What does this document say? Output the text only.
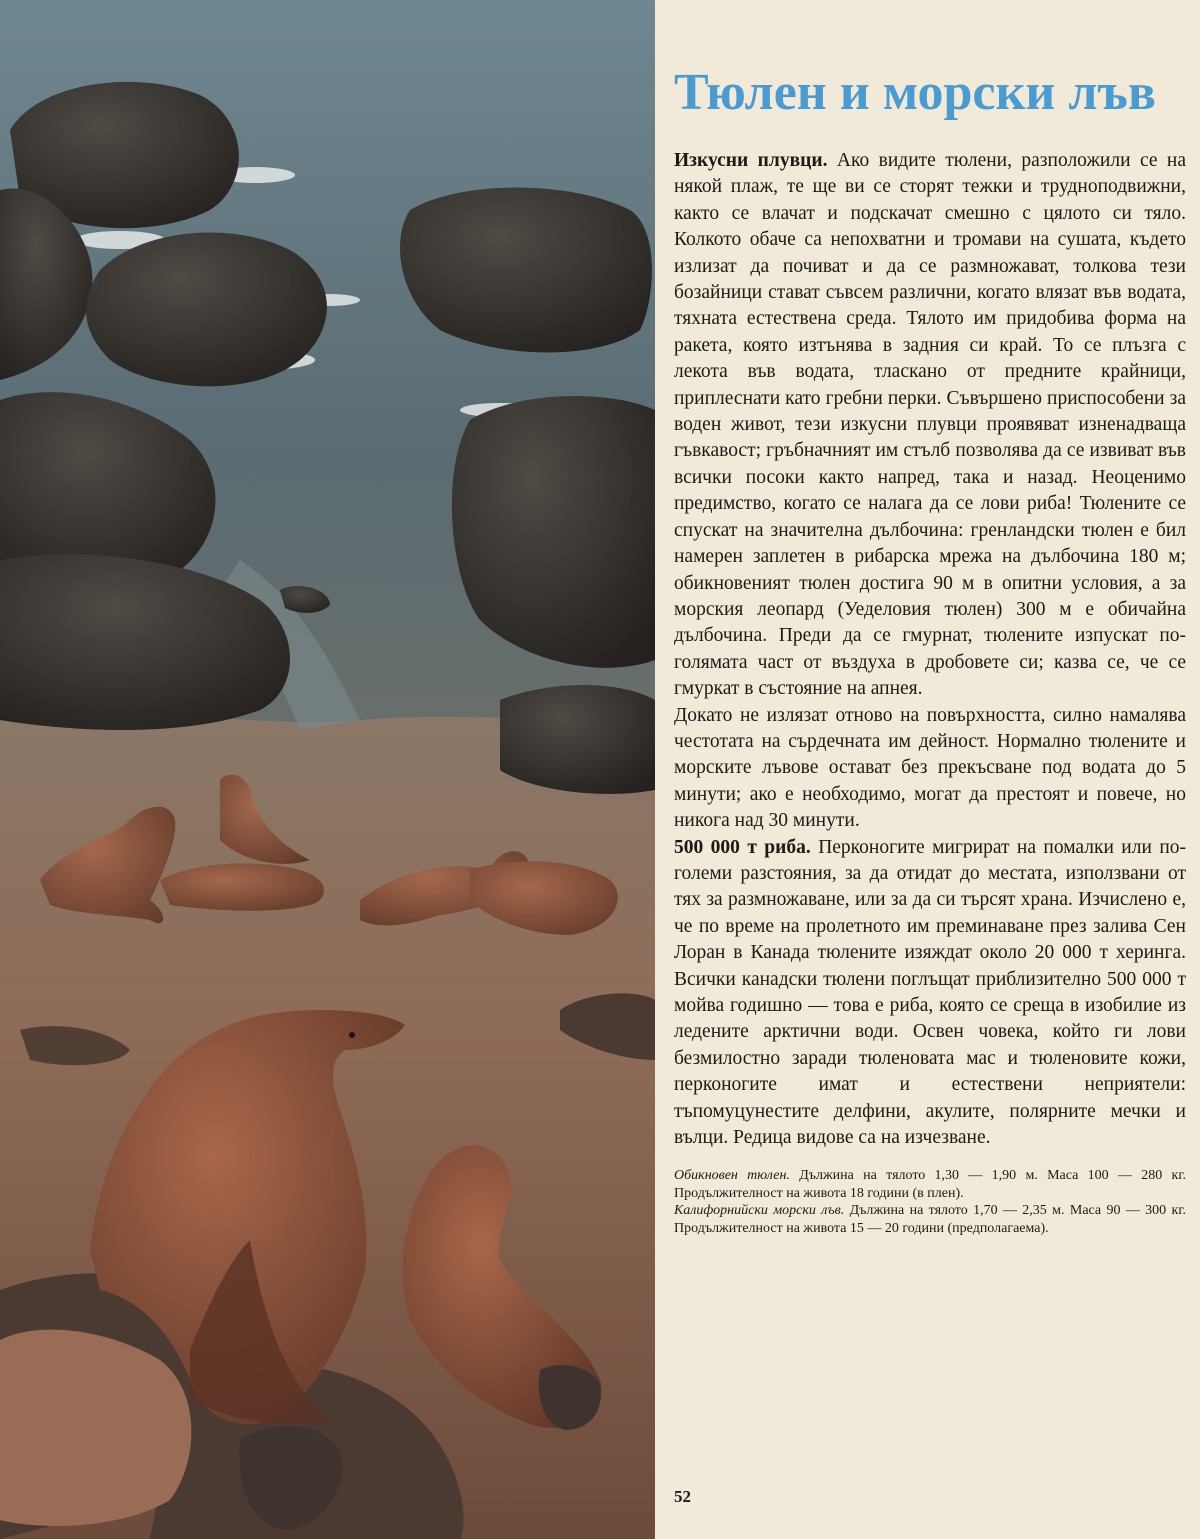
Тюлен и морски лъв

Изкусни плувци. Ако видите тюлени, разположили се на някой плаж, те ще ви се сторят тежки и трудноподвижни, както се влачат и подскачат смешно с цялото си тяло. Колкото обаче са непохватни и тромави на сушата, където излизат да почиват и да се размножават, толкова тези бозайници стават съвсем различни, когато влязат във водата, тяхната естествена среда. Тялото им придобива форма на ракета, която изтънява в задния си край. То се плъзга с лекота във водата, тласкано от предните крайници, приплеснати като гребни перки. Съвършено приспособени за воден живот, тези изкусни плувци проявяват изненадваща гъвкавост; гръбначният им стълб позволява да се извиват във всички посоки както напред, така и назад. Неоценимо предимство, когато се налага да се лови риба! Тюлените се спускат на значителна дълбочина: гренландски тюлен е бил намерен заплетен в рибарска мрежа на дълбочина 180 м; обикновеният тюлен достига 90 м в опитни условия, а за морския леопард (Уеделовия тюлен) 300 м е обичайна дълбочина. Преди да се гмурнат, тюлените изпускат по-голямата част от въздуха в дробовете си; казва се, че се гмуркат в състояние на апнея.

Докато не излязат отново на повърхността, силно намалява честотата на сърдечната им дейност. Нормално тюлените и морските лъвове остават без прекъсване под водата до 5 минути; ако е необходимо, могат да престоят и повече, но никога над 30 минути.

500 000 т риба. Перконогите мигрират на помалки или по-големи разстояния, за да отидат до местата, използвани от тях за размножаване, или за да си търсят храна. Изчислено е, че по време на пролетното им преминаване през залива Сен Лоран в Канада тюлените изяждат около 20 000 т херинга. Всички канадски тюлени поглъщат приблизително 500 000 т мойва годишно — това е риба, която се среща в изобилие из ледените арктични води. Освен човека, който ги лови безмилостно заради тюленовата мас и тюленовите кожи, перконогите имат и естествени неприятели: тъпомуцунестите делфини, акулите, полярните мечки и вълци. Редица видове са на изчезване.

Обикновен тюлен. Дължина на тялото 1,30 — 1,90 м. Маса 100 — 280 кг. Продължителност на живота 18 години (в плен).

Калифорнийски морски лъв. Дължина на тялото 1,70 — 2,35 м. Маса 90 — 300 кг. Продължителност на живота 15 — 20 години (предполагаема).

52
